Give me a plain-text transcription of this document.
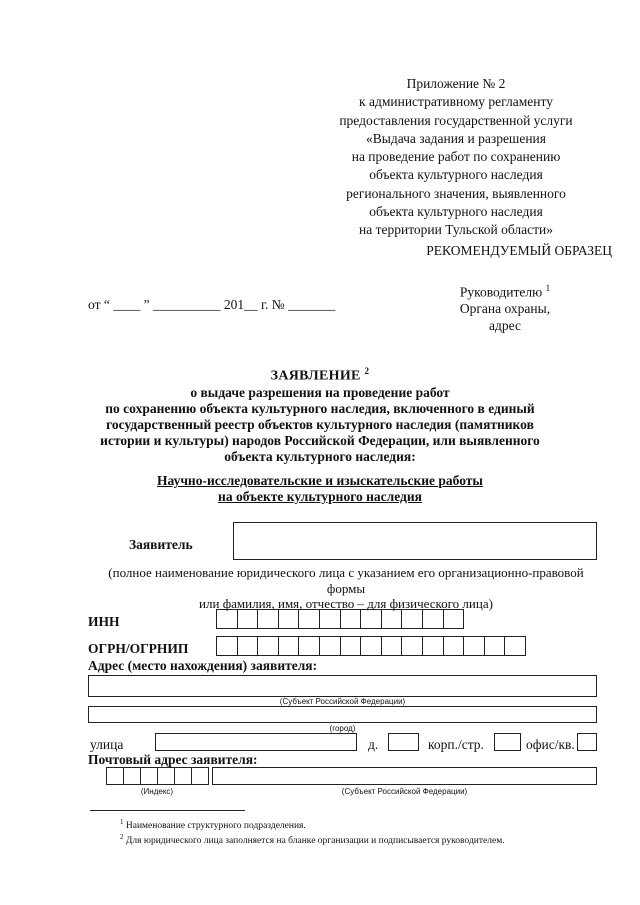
Приложение № 2
к административному регламенту
предоставления государственной услуги
«Выдача задания и разрешения
на проведение работ по сохранению
объекта культурного наследия
регионального значения, выявленного
объекта культурного наследия
на территории Тульской области»
РЕКОМЕНДУЕМЫЙ ОБРАЗЕЦ
Руководителю $^1$
Органа охраны,
адрес
от “ ____ ” __________ 201__ г. № _______
ЗАЯВЛЕНИЕ $^2$
о выдаче разрешения на проведение работ
по сохранению объекта культурного наследия, включенного в единый
государственный реестр объектов культурного наследия (памятников
истории и культуры) народов Российской Федерации, или выявленного
объекта культурного наследия:
Научно-исследовательские и изыскательские работы
на объекте культурного наследия
Заявитель
(полное наименование юридического лица с указанием его организационно-правовой
формы
или фамилия, имя, отчество – для физического лица)
ИНН
ОГРН/ОГРНИП
Адрес (место нахождения) заявителя:
(Субъект Российской Федерации)
(город)
улица	д.	корп./стр.	офис/кв.
Почтовый адрес заявителя:
(Индекс)	(Субъект Российской Федерации)
$^1$ Наименование структурного подразделения.
$^2$ Для юридического лица заполняется на бланке организации и подписывается руководителем.
